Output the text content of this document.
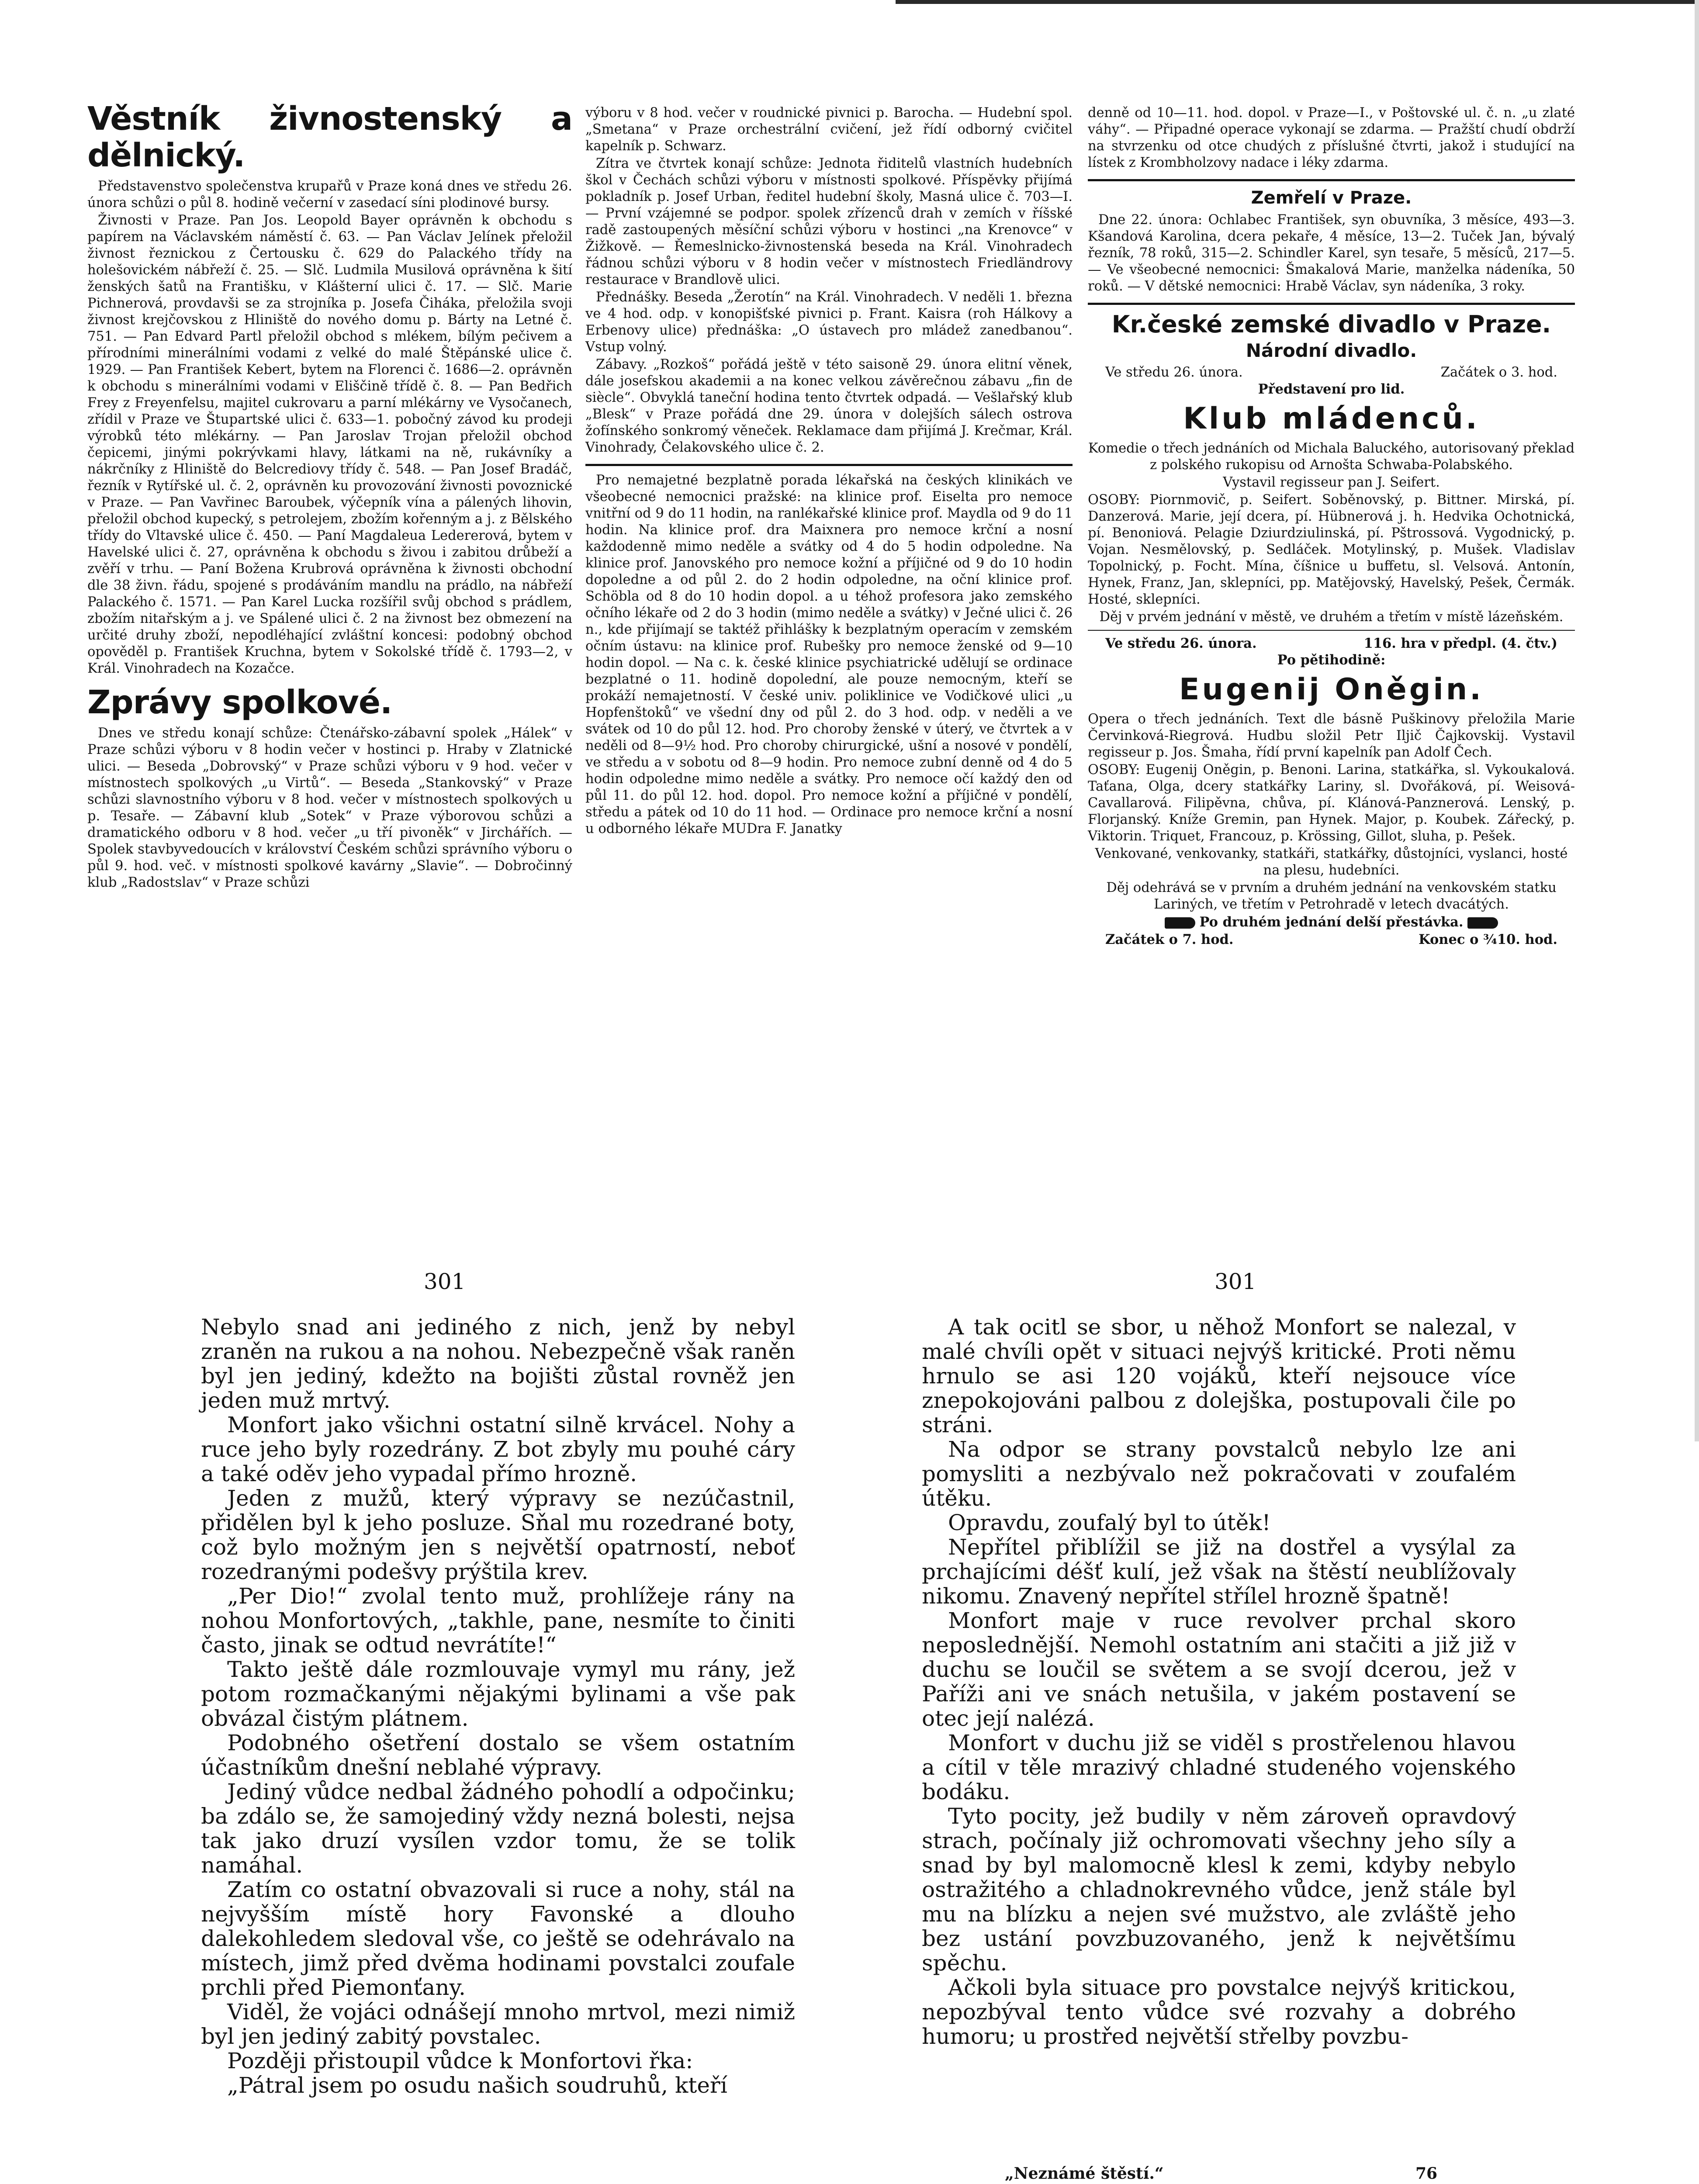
Věstník živnostenský a dělnický.

Představenstvo společenstva krupařů v Praze koná dnes ve středu 26. února schůzi o půl 8. hodině večerní v zasedací síni plodinové bursy.

Živnosti v Praze. Pan Jos. Leopold Bayer oprávněn k obchodu s papírem na Václavském náměstí č. 63. — Pan Václav Jelínek přeložil živnost řeznickou z Čertousku č. 629 do Palackého třídy na holešovickém nábřeží č. 25. — Slč. Ludmila Musilová oprávněna k šití ženských šatů na Františku, v Klášterní ulici č. 17. — Slč. Marie Pichnerová, provdavši se za strojníka p. Josefa Čiháka, přeložila svoji živnost krejčovskou z Hliniště do nového domu p. Bárty na Letné č. 751. — Pan Edvard Partl přeložil obchod s mlékem, bílým pečivem a přírodními minerálními vodami z velké do malé Štěpánské ulice č. 1929. — Pan František Kebert, bytem na Florenci č. 1686—2. oprávněn k obchodu s minerálními vodami v Eliščině třídě č. 8. — Pan Bedřich Frey z Freyenfelsu, majitel cukrovaru a parní mlékárny ve Vysočanech, zřídil v Praze ve Štupartské ulici č. 633—1. pobočný závod ku prodeji výrobků této mlékárny. — Pan Jaroslav Trojan přeložil obchod čepicemi, jinými pokrývkami hlavy, látkami na ně, rukávníky a nákrčníky z Hliniště do Belcrediovy třídy č. 548. — Pan Josef Bradáč, řezník v Rytířské ul. č. 2, oprávněn ku provozování živnosti povoznické v Praze. — Pan Vavřinec Baroubek, výčepník vína a pálených lihovin, přeložil obchod kupecký, s petrolejem, zbožím kořenným a j. z Bělského třídy do Vltavské ulice č. 450. — Paní Magdaleua Ledererová, bytem v Havelské ulici č. 27, oprávněna k obchodu s živou i zabitou drůbeží a zvěří v trhu. — Paní Božena Krubrová oprávněna k živnosti obchodní dle 38 živn. řádu, spojené s prodáváním mandlu na prádlo, na nábřeží Palackého č. 1571. — Pan Karel Lucka rozšířil svůj obchod s prádlem, zbožím nitařským a j. ve Spálené ulici č. 2 na živnost bez obmezení na určité druhy zboží, nepodléhající zvláštní koncesi: podobný obchod opověděl p. František Kruchna, bytem v Sokolské třídě č. 1793—2, v Král. Vinohradech na Kozačce.

Zprávy spolkové.

Dnes ve středu konají schůze: Čtenářsko-zábavní spolek „Hálek“ v Praze schůzi výboru v 8 hodin večer v hostinci p. Hraby v Zlatnické ulici. — Beseda „Dobrovský“ v Praze schůzi výboru v 9 hod. večer v místnostech spolkových „u Virtů“. — Beseda „Stankovský“ v Praze schůzi slavnostního výboru v 8 hod. večer v místnostech spolkových u p. Tesaře. — Zábavní klub „Sotek“ v Praze výborovou schůzi a dramatického odboru v 8 hod. večer „u tří pivoněk“ v Jirchářích. — Spolek stavbyvedoucích v království Českém schůzi správního výboru o půl 9. hod. več. v místnosti spolkové kavárny „Slavie“. — Dobročinný klub „Radostslav“ v Praze schůzi

výboru v 8 hod. večer v roudnické pivnici p. Barocha. — Hudební spol. „Smetana“ v Praze orchestrální cvičení, jež řídí odborný cvičitel kapelník p. Schwarz.

Zítra ve čtvrtek konají schůze: Jednota řiditelů vlastních hudebních škol v Čechách schůzi výboru v místnosti spolkové. Příspěvky přijímá pokladník p. Josef Urban, ředitel hudební školy, Masná ulice č. 703—I. — První vzájemné se podpor. spolek zřízenců drah v zemích v říšské radě zastoupených měsíční schůzi výboru v hostinci „na Krenovce“ v Žižkově. — Řemeslnicko-živnostenská beseda na Král. Vinohradech řádnou schůzi výboru v 8 hodin večer v místnostech Friedländrovy restaurace v Brandlově ulici.

Přednášky. Beseda „Žerotín“ na Král. Vinohradech. V neděli 1. března ve 4 hod. odp. v konopišťské pivnici p. Frant. Kaisra (roh Hálkovy a Erbenovy ulice) přednáška: „O ústavech pro mládež zanedbanou“. Vstup volný.

Zábavy. „Rozkoš“ pořádá ještě v této saisoně 29. února elitní věnek, dále josefskou akademii a na konec velkou závěrečnou zábavu „fin de siècle“. Obvyklá taneční hodina tento čtvrtek odpadá. — Vešlařský klub „Blesk“ v Praze pořádá dne 29. února v dolejších sálech ostrova žofínského sonkromý věneček. Reklamace dam přijímá J. Krečmar, Král. Vinohrady, Čelakovského ulice č. 2.

Pro nemajetné bezplatně porada lékařská na českých klinikách ve všeobecné nemocnici pražské: na klinice prof. Eiselta pro nemoce vnitřní od 9 do 11 hodin, na ranlékařské klinice prof. Maydla od 9 do 11 hodin. Na klinice prof. dra Maixnera pro nemoce krční a nosní každodenně mimo neděle a svátky od 4 do 5 hodin odpoledne. Na klinice prof. Janovského pro nemoce kožní a příjičné od 9 do 10 hodin dopoledne a od půl 2. do 2 hodin odpoledne, na oční klinice prof. Schöbla od 8 do 10 hodin dopol. a u téhož profesora jako zemského očního lékaře od 2 do 3 hodin (mimo neděle a svátky) v Ječné ulici č. 26 n., kde přijímají se taktéž přihlášky k bezplatným operacím v zemském očním ústavu: na klinice prof. Rubešky pro nemoce ženské od 9—10 hodin dopol. — Na c. k. české klinice psychiatrické udělují se ordinace bezplatné o 11. hodině dopolední, ale pouze nemocným, kteří se prokáží nemajetností. V české univ. poliklinice ve Vodičkové ulici „u Hopfenštoků“ ve všední dny od půl 2. do 3 hod. odp. v neděli a ve svátek od 10 do půl 12. hod. Pro choroby ženské v úterý, ve čtvrtek a v neděli od 8—9½ hod. Pro choroby chirurgické, ušní a nosové v pondělí, ve středu a v sobotu od 8—9 hodin. Pro nemoce zubní denně od 4 do 5 hodin odpoledne mimo neděle a svátky. Pro nemoce očí každý den od půl 11. do půl 12. hod. dopol. Pro nemoce kožní a příjičné v pondělí, středu a pátek od 10 do 11 hod. — Ordinace pro nemoce krční a nosní u odborného lékaře MUDra F. Janatky

denně od 10—11. hod. dopol. v Praze—I., v Poštovské ul. č. n. „u zlaté váhy“. — Připadné operace vykonají se zdarma. — Pražští chudí obdrží na stvrzenku od otce chudých z příslušné čtvrti, jakož i studující na lístek z Krombholzovy nadace i léky zdarma.

Zemřelí v Praze.

Dne 22. února: Ochlabec František, syn obuvníka, 3 měsíce, 493—3. Kšandová Karolina, dcera pekaře, 4 měsíce, 13—2. Tuček Jan, bývalý řezník, 78 roků, 315—2. Schindler Karel, syn tesaře, 5 měsíců, 217—5. — Ve všeobecné nemocnici: Šmakalová Marie, manželka nádeníka, 50 roků. — V dětské nemocnici: Hrabě Václav, syn nádeníka, 3 roky.

Kr.české zemské divadlo v Praze.
Národní divadlo.
Ve středu 26. února.	Začátek o 3. hod.

Představení pro lid.

Klub mládenců.

Komedie o třech jednáních od Michala Baluckého, autorisovaný překlad z polského rukopisu od Arnošta Schwaba-Polabského.

Vystavil regisseur pan J. Seifert.

OSOBY: Piornmovič, p. Seifert. Soběnovský, p. Bittner. Mirská, pí. Danzerová. Marie, její dcera, pí. Hübnerová j. h. Hedvika Ochotnická, pí. Benoniová. Pelagie Dziurdziulinská, pí. Pštrossová. Vygodnický, p. Vojan. Nesmělovský, p. Sedláček. Motylinský, p. Mušek. Vladislav Topolnický, p. Focht. Mína, číšnice u buffetu, sl. Velsová. Antonín, Hynek, Franz, Jan, sklepníci, pp. Matějovský, Havelský, Pešek, Čermák. Hosté, sklepníci.

Děj v prvém jednání v městě, ve druhém a třetím v místě lázeňském.

Ve středu 26. února.	116. hra v předpl. (4. čtv.)

Po pětihodině:

Eugenij Oněgin.

Opera o třech jednáních. Text dle básně Puškinovy přeložila Marie Červinková-Riegrová. Hudbu složil Petr Iljič Čajkovskij. Vystavil regisseur p. Jos. Šmaha, řídí první kapelník pan Adolf Čech.

OSOBY: Eugenij Oněgin, p. Benoni. Larina, statkářka, sl. Vykoukalová. Taťana, Olga, dcery statkářky Lariny, sl. Dvořáková, pí. Weisová-Cavallarová. Filipěvna, chůva, pí. Klánová-Panznerová. Lenský, p. Florjanský. Kníže Gremin, pan Hynek. Major, p. Koubek. Zářecký, p. Viktorin. Triquet, Francouz, p. Krössing, Gillot, sluha, p. Pešek.

Venkované, venkovanky, statkáři, statkářky, důstojníci, vyslanci, hosté na plesu, hudebníci.

Děj odehrává se v prvním a druhém jednání na venkovském statku Lariných, ve třetím v Petrohradě v letech dvacátých.

Po druhém jednání delší přestávka.

Začátek o 7. hod.	Konec o ¾10. hod.
301	301

Nebylo snad ani jediného z nich, jenž by nebyl zraněn na rukou a na nohou. Nebezpečně však raněn byl jen jediný, kdežto na bojišti zůstal rovněž jen jeden muž mrtvý.

Monfort jako všichni ostatní silně krvácel. Nohy a ruce jeho byly rozedrány. Z bot zbyly mu pouhé cáry a také oděv jeho vypadal přímo hrozně.

Jeden z mužů, který výpravy se nezúčastnil, přidělen byl k jeho posluze. Sňal mu rozedrané boty, což bylo možným jen s největší opatrností, neboť rozedranými podešvy prýštila krev.

„Per Dio!“ zvolal tento muž, prohlížeje rány na nohou Monfortových, „takhle, pane, nesmíte to činiti často, jinak se odtud nevrátíte!“

Takto ještě dále rozmlouvaje vymyl mu rány, jež potom rozmačkanými nějakými bylinami a vše pak obvázal čistým plátnem.

Podobného ošetření dostalo se všem ostatním účastníkům dnešní neblahé výpravy.

Jediný vůdce nedbal žádného pohodlí a odpočinku; ba zdálo se, že samojediný vždy nezná bolesti, nejsa tak jako druzí vysílen vzdor tomu, že se tolik namáhal.

Zatím co ostatní obvazovali si ruce a nohy, stál na nejvyšším místě hory Favonské a dlouho dalekohledem sledoval vše, co ještě se odehrávalo na místech, jimž před dvěma hodinami povstalci zoufale prchli před Piemonťany.

Viděl, že vojáci odnášejí mnoho mrtvol, mezi nimiž byl jen jediný zabitý povstalec.

Později přistoupil vůdce k Monfortovi řka:

„Pátral jsem po osudu našich soudruhů, kteří

A tak ocitl se sbor, u něhož Monfort se nalezal, v malé chvíli opět v situaci nejvýš kritické. Proti němu hrnulo se asi 120 vojáků, kteří nejsouce více znepokojováni palbou z dolejška, postupovali čile po stráni.

Na odpor se strany povstalců nebylo lze ani pomysliti a nezbývalo než pokračovati v zoufalém útěku.

Opravdu, zoufalý byl to útěk!

Nepřítel přiblížil se již na dostřel a vysýlal za prchajícími déšť kulí, jež však na štěstí neublížovaly nikomu. Znavený nepřítel střílel hrozně špatně!

Monfort maje v ruce revolver prchal skoro neposlednější. Nemohl ostatním ani stačiti a již již v duchu se loučil se světem a se svojí dcerou, jež v Paříži ani ve snách netušila, v jakém postavení se otec její nalézá.

Monfort v duchu již se viděl s prostřelenou hlavou a cítil v těle mrazivý chladné studeného vojenského bodáku.

Tyto pocity, jež budily v něm zároveň opravdový strach, počínaly již ochromovati všechny jeho síly a snad by byl malomocně klesl k zemi, kdyby nebylo ostražitého a chladnokrevného vůdce, jenž stále byl mu na blízku a nejen své mužstvo, ale zvláště jeho bez ustání povzbuzovaného, jenž k největšímu spěchu.

Ačkoli byla situace pro povstalce nejvýš kritickou, nepozbýval tento vůdce své rozvahy a dobrého humoru; u prostřed největší střelby povzbu-

„Neznámé štěstí.“	76
